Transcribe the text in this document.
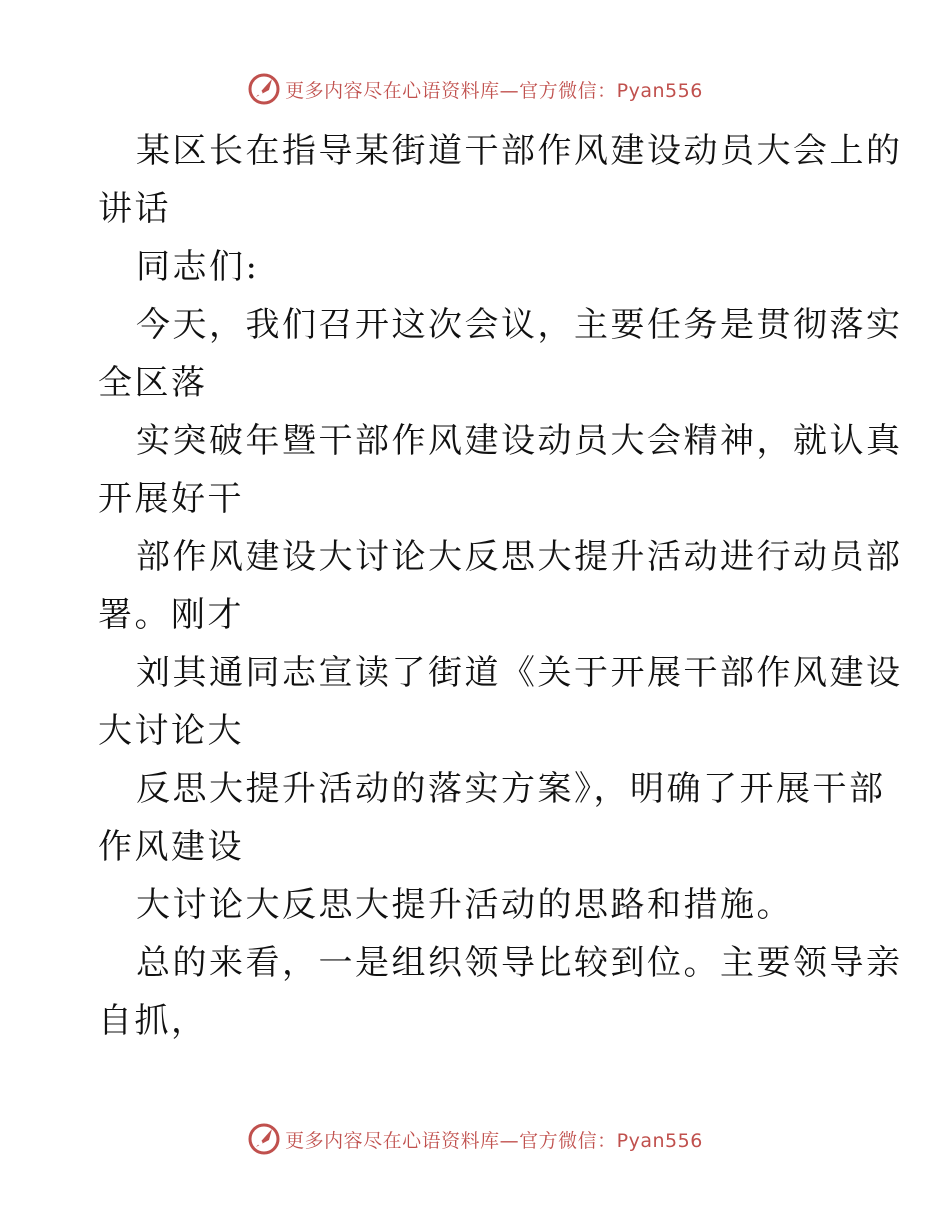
更多内容尽在心语资料库—官方微信：Pyan556
某区长在指导某街道干部作风建设动员大会上的
讲话
同志们:
今天，我们召开这次会议，主要任务是贯彻落实
全区落
实突破年暨干部作风建设动员大会精神，就认真
开展好干
部作风建设大讨论大反思大提升活动进行动员部
署。刚才
刘其通同志宣读了街道《关于开展干部作风建设
大讨论大
反思大提升活动的落实方案》，明确了开展干部
作风建设
大讨论大反思大提升活动的思路和措施。
总的来看，一是组织领导比较到位。主要领导亲
自抓，
更多内容尽在心语资料库—官方微信：Pyan556
